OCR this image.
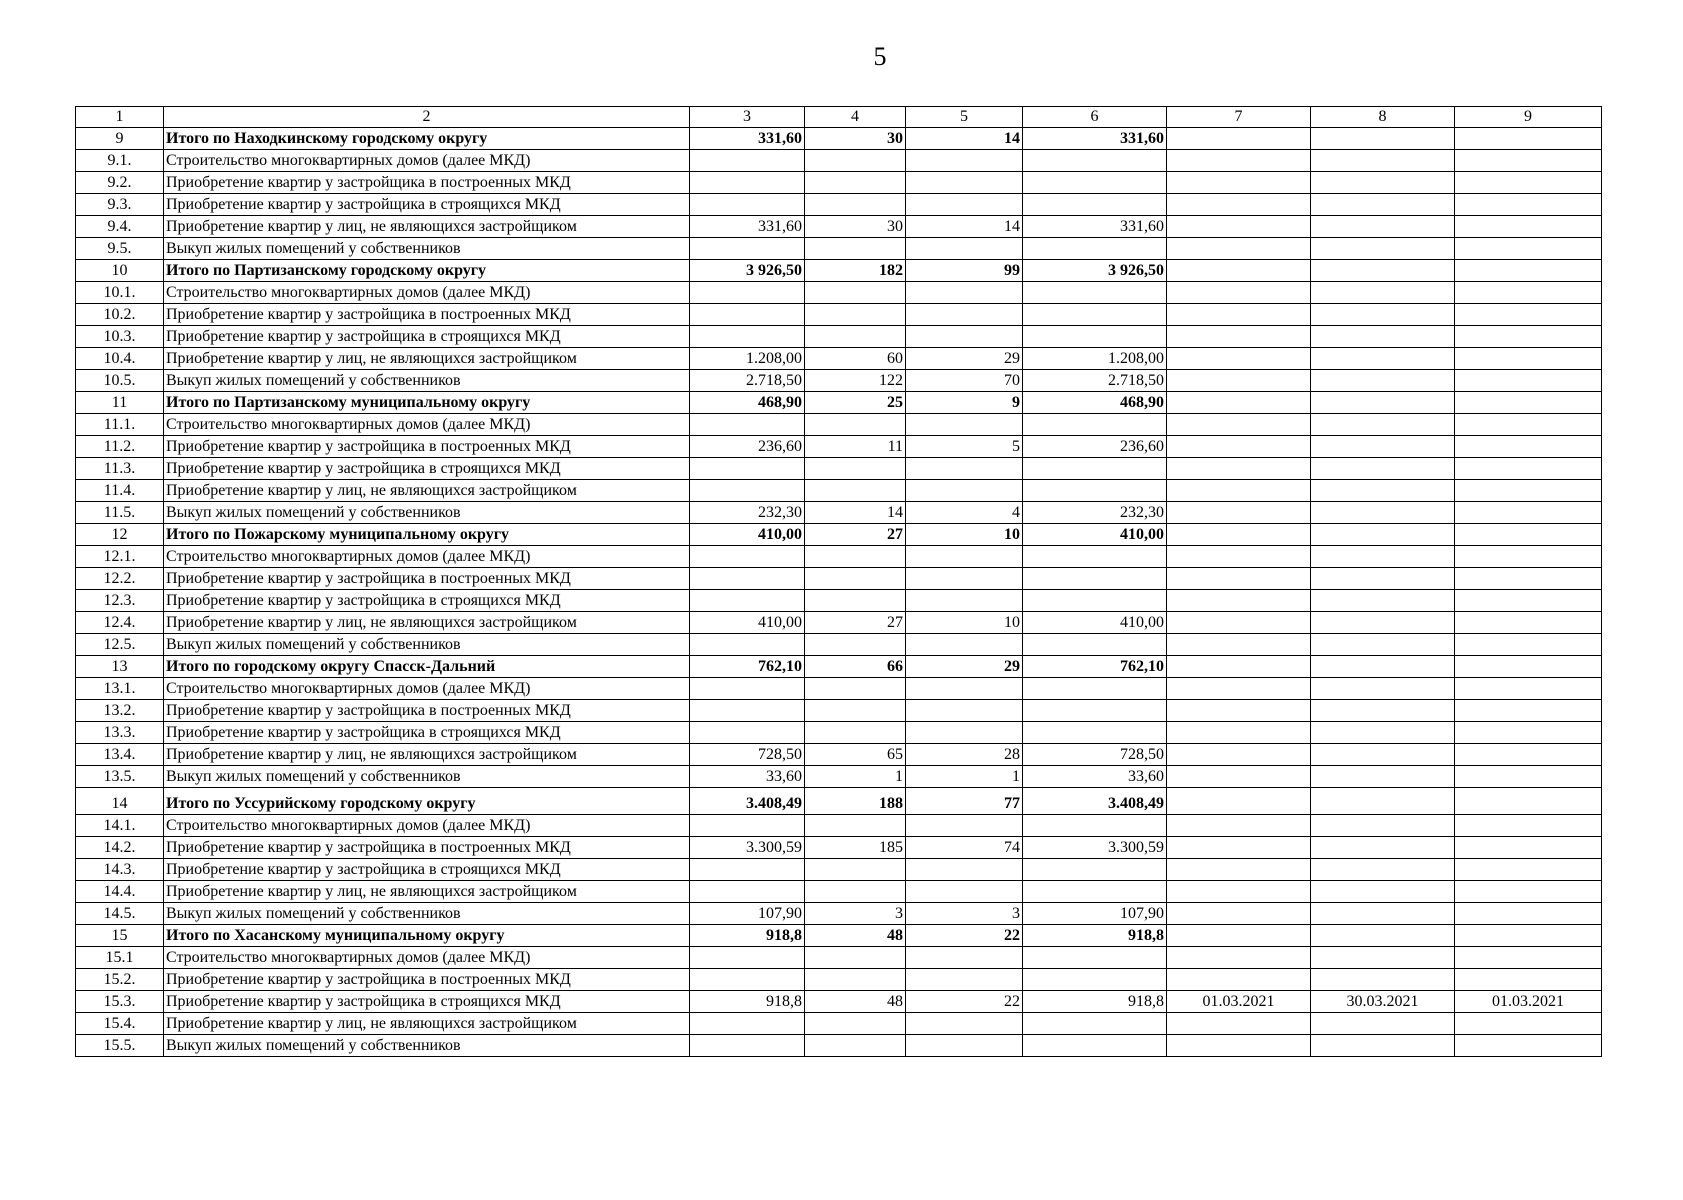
5
1	2	3	4	5	6	7	8	9
9	Итого по Находкинскому городскому округу	331,60	30	14	331,60			
9.1.	Строительство многоквартирных домов (далее МКД)							
9.2.	Приобретение квартир у застройщика в построенных МКД							
9.3.	Приобретение квартир у застройщика в строящихся МКД							
9.4.	Приобретение квартир у лиц, не являющихся застройщиком	331,60	30	14	331,60			
9.5.	Выкуп жилых помещений у собственников							
10	Итого по Партизанскому городскому округу	3 926,50	182	99	3 926,50			
10.1.	Строительство многоквартирных домов (далее МКД)							
10.2.	Приобретение квартир у застройщика в построенных МКД							
10.3.	Приобретение квартир у застройщика в строящихся МКД							
10.4.	Приобретение квартир у лиц, не являющихся застройщиком	1.208,00	60	29	1.208,00			
10.5.	Выкуп жилых помещений у собственников	2.718,50	122	70	2.718,50			
11	Итого по Партизанскому муниципальному округу	468,90	25	9	468,90			
11.1.	Строительство многоквартирных домов (далее МКД)							
11.2.	Приобретение квартир у застройщика в построенных МКД	236,60	11	5	236,60			
11.3.	Приобретение квартир у застройщика в строящихся МКД							
11.4.	Приобретение квартир у лиц, не являющихся застройщиком							
11.5.	Выкуп жилых помещений у собственников	232,30	14	4	232,30			
12	Итого по Пожарскому муниципальному округу	410,00	27	10	410,00			
12.1.	Строительство многоквартирных домов (далее МКД)							
12.2.	Приобретение квартир у застройщика в построенных МКД							
12.3.	Приобретение квартир у застройщика в строящихся МКД							
12.4.	Приобретение квартир у лиц, не являющихся застройщиком	410,00	27	10	410,00			
12.5.	Выкуп жилых помещений у собственников							
13	Итого по городскому округу Спасск-Дальний	762,10	66	29	762,10			
13.1.	Строительство многоквартирных домов (далее МКД)							
13.2.	Приобретение квартир у застройщика в построенных МКД							
13.3.	Приобретение квартир у застройщика в строящихся МКД							
13.4.	Приобретение квартир у лиц, не являющихся застройщиком	728,50	65	28	728,50			
13.5.	Выкуп жилых помещений у собственников	33,60	1	1	33,60			
14	Итого по Уссурийскому городскому округу	3.408,49	188	77	3.408,49			
14.1.	Строительство многоквартирных домов (далее МКД)							
14.2.	Приобретение квартир у застройщика в построенных МКД	3.300,59	185	74	3.300,59			
14.3.	Приобретение квартир у застройщика в строящихся МКД							
14.4.	Приобретение квартир у лиц, не являющихся застройщиком							
14.5.	Выкуп жилых помещений у собственников	107,90	3	3	107,90			
15	Итого по Хасанскому муниципальному округу	918,8	48	22	918,8			
15.1	Строительство многоквартирных домов (далее МКД)							
15.2.	Приобретение квартир у застройщика в построенных МКД							
15.3.	Приобретение квартир у застройщика в строящихся МКД	918,8	48	22	918,8	01.03.2021	30.03.2021	01.03.2021
15.4.	Приобретение квартир у лиц, не являющихся застройщиком							
15.5.	Выкуп жилых помещений у собственников							
